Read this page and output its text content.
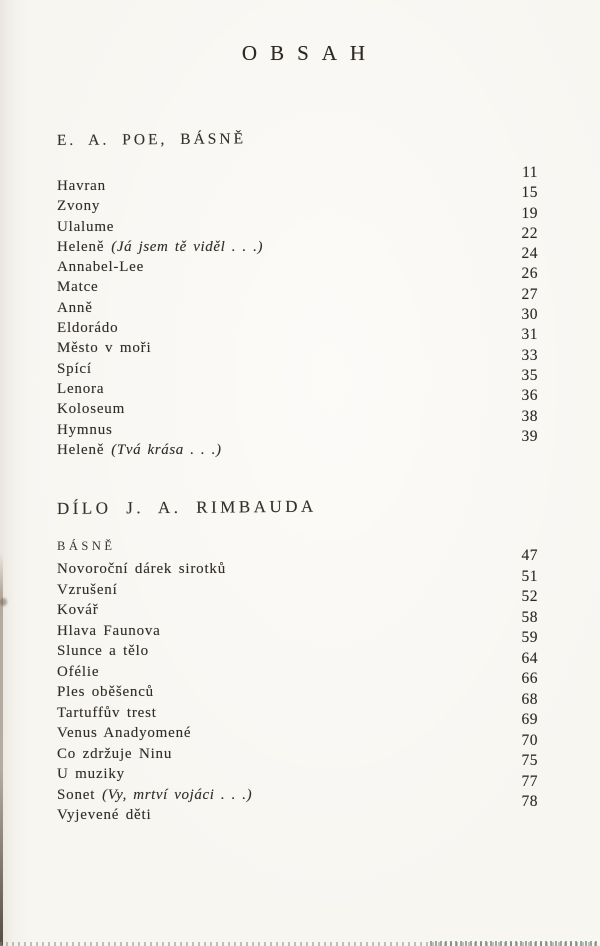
OBSAH
E. A. POE, BÁSNĚ
Havran
11
Zvony
15
Ulalume
19
Heleně (Já jsem tě viděl . . .)
22
Annabel-Lee
24
Matce
26
Anně
27
Eldorádo
30
Město v moři
31
Spící
33
Lenora
35
Koloseum
36
Hymnus
38
Heleně (Tvá krása . . .)
39
DÍLO J. A. RIMBAUDA
BÁSNĚ
Novoroční dárek sirotků
47
Vzrušení
51
Kovář
52
Hlava Faunova
58
Slunce a tělo
59
Ofélie
64
Ples oběšenců
66
Tartuffův trest
68
Venus Anadyomené
69
Co zdržuje Ninu
70
U muziky
75
Sonet (Vy, mrtví vojáci . . .)
77
Vyjevené děti
78
